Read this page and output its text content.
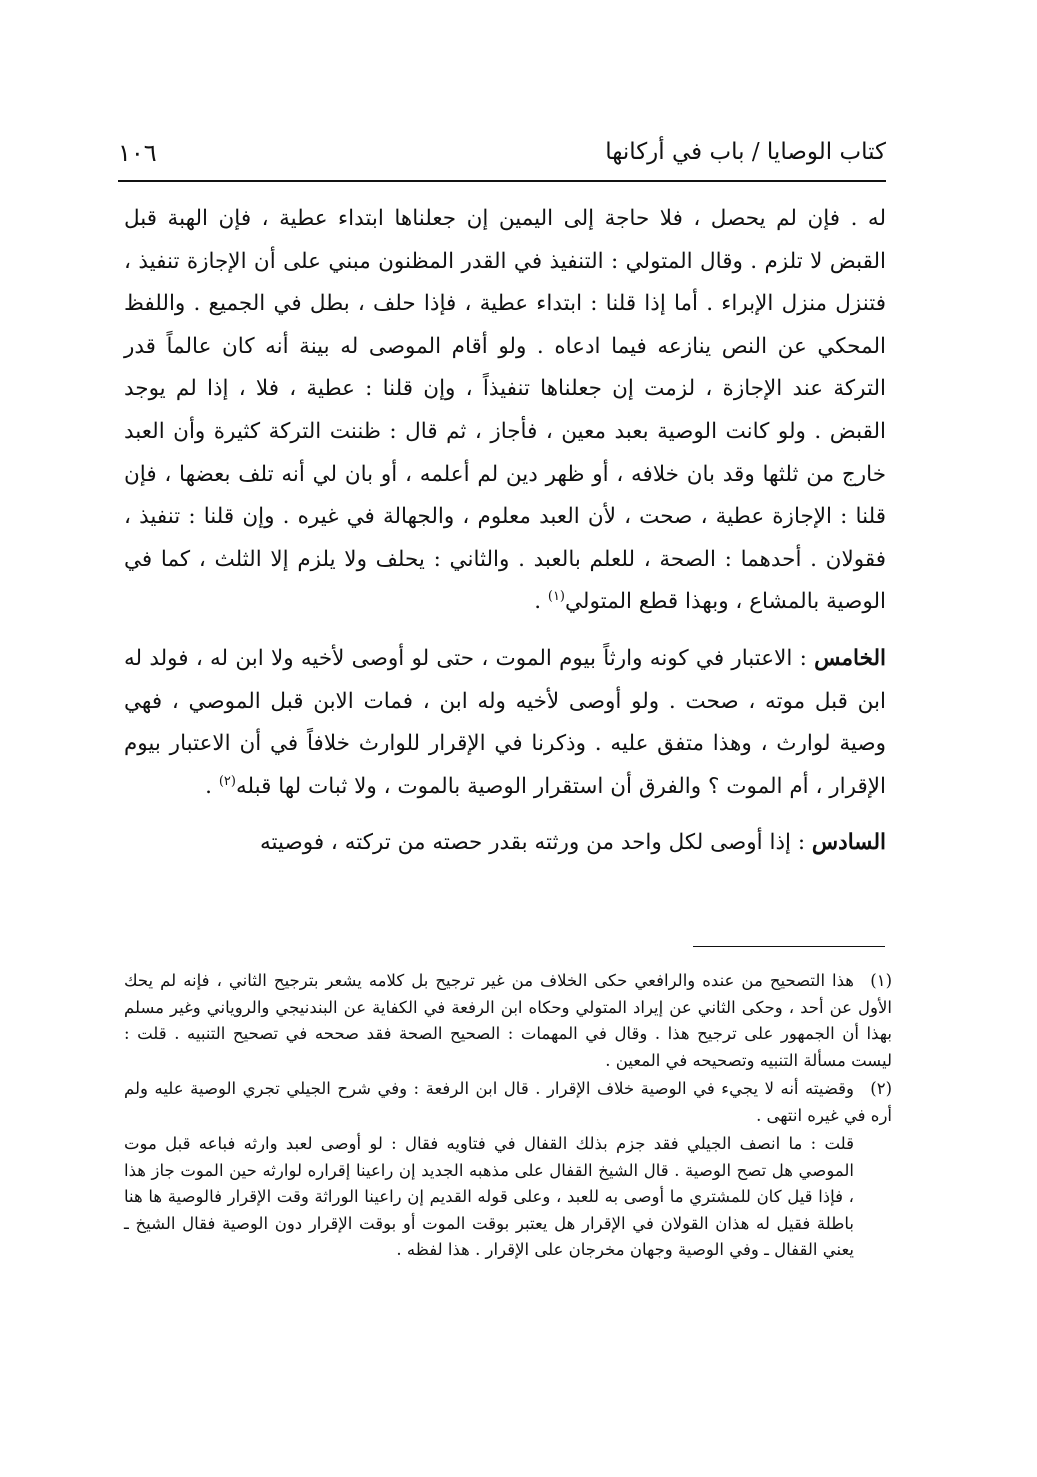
كتاب الوصايا / باب في أركانها
١٠٦

له . فإن لم يحصل ، فلا حاجة إلى اليمين إن جعلناها ابتداء عطية ، فإن الهبة قبل القبض لا تلزم . وقال المتولي : التنفيذ في القدر المظنون مبني على أن الإجازة تنفيذ ، فتنزل منزل الإبراء . أما إذا قلنا : ابتداء عطية ، فإذا حلف ، بطل في الجميع . واللفظ المحكي عن النص ينازعه فيما ادعاه . ولو أقام الموصى له بينة أنه كان عالماً قدر التركة عند الإجازة ، لزمت إن جعلناها تنفيذاً ، وإن قلنا : عطية ، فلا ، إذا لم يوجد القبض . ولو كانت الوصية بعبد معين ، فأجاز ، ثم قال : ظننت التركة كثيرة وأن العبد خارج من ثلثها وقد بان خلافه ، أو ظهر دين لم أعلمه ، أو بان لي أنه تلف بعضها ، فإن قلنا : الإجازة عطية ، صحت ، لأن العبد معلوم ، والجهالة في غيره . وإن قلنا : تنفيذ ، فقولان . أحدهما : الصحة ، للعلم بالعبد . والثاني : يحلف ولا يلزم إلا الثلث ، كما في الوصية بالمشاع ، وبهذا قطع المتولي$^{(١)}$ .

الخامس : الاعتبار في كونه وارثاً بيوم الموت ، حتى لو أوصى لأخيه ولا ابن له ، فولد له ابن قبل موته ، صحت . ولو أوصى لأخيه وله ابن ، فمات الابن قبل الموصي ، فهي وصية لوارث ، وهذا متفق عليه . وذكرنا في الإقرار للوارث خلافاً في أن الاعتبار بيوم الإقرار ، أم الموت ؟ والفرق أن استقرار الوصية بالموت ، ولا ثبات لها قبله$^{(٢)}$ .

السادس : إذا أوصى لكل واحد من ورثته بقدر حصته من تركته ، فوصيته

(١)هذا التصحيح من عنده والرافعي حكى الخلاف من غير ترجيح بل كلامه يشعر بترجيح الثاني ، فإنه لم يحك الأول عن أحد ، وحكى الثاني عن إيراد المتولي وحكاه ابن الرفعة في الكفاية عن البندنيجي والروياني وغير مسلم بهذا أن الجمهور على ترجيح هذا . وقال في المهمات : الصحيح الصحة فقد صححه في تصحيح التنبيه . قلت : ليست مسألة التنبيه وتصحيحه في المعين .
(٢)وقضيته أنه لا يجيء في الوصية خلاف الإقرار . قال ابن الرفعة : وفي شرح الجيلي تجري الوصية عليه ولم أره في غيره انتهى .
قلت : ما انصف الجيلي فقد جزم بذلك القفال في فتاويه فقال : لو أوصى لعبد وارثه فباعه قبل موت الموصي هل تصح الوصية . قال الشيخ القفال على مذهبه الجديد إن راعينا إقراره لوارثه حين الموت جاز هذا ، فإذا قيل كان للمشتري ما أوصى به للعبد ، وعلى قوله القديم إن راعينا الوراثة وقت الإقرار فالوصية ها هنا باطلة فقيل له هذان القولان في الإقرار هل يعتبر بوقت الموت أو بوقت الإقرار دون الوصية فقال الشيخ ـ يعني القفال ـ وفي الوصية وجهان مخرجان على الإقرار . هذا لفظه .
